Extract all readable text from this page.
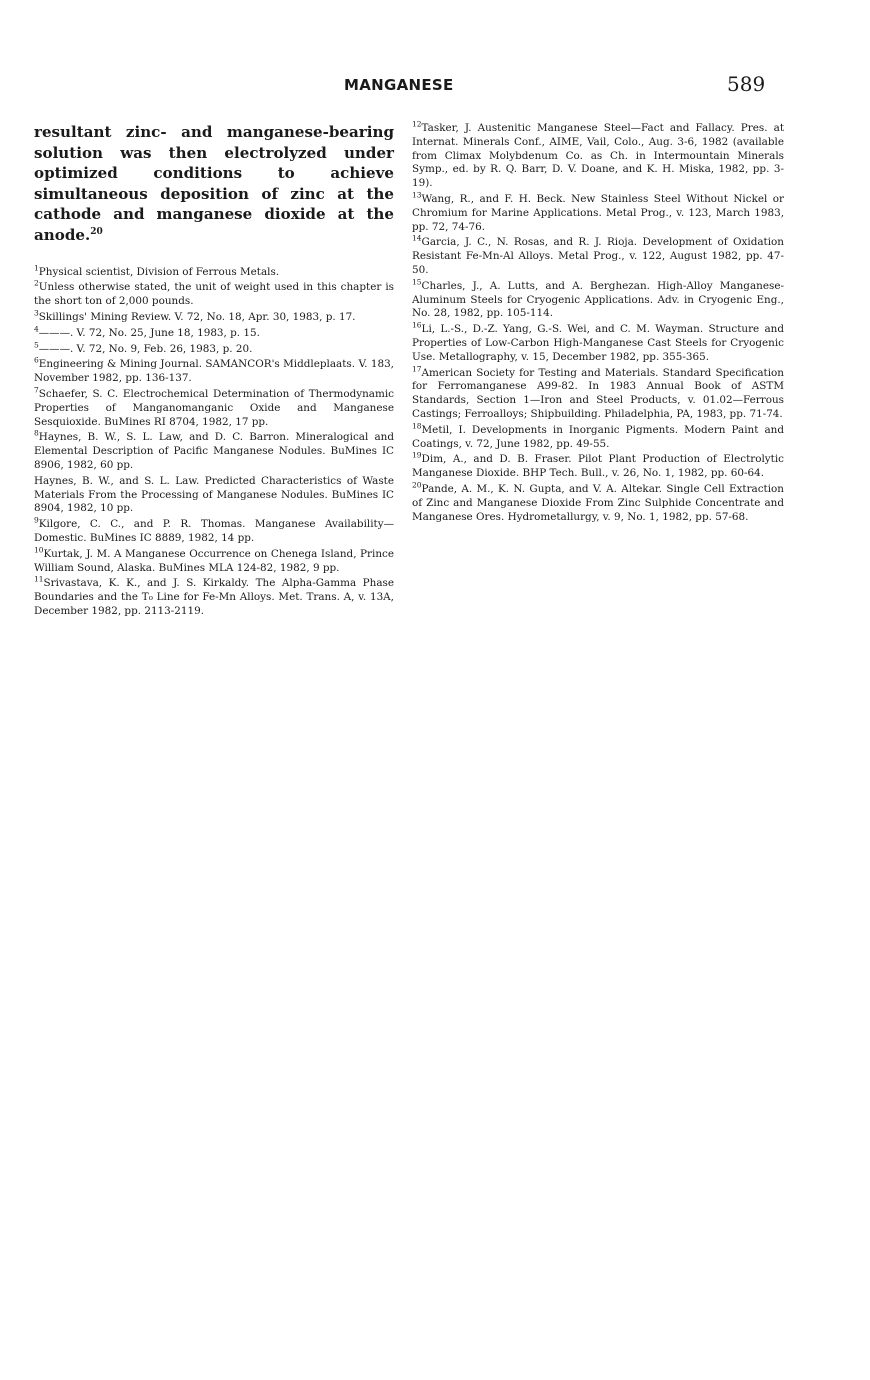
MANGANESE	589

resultant zinc- and manganese-bearing solution was then electrolyzed under optimized conditions to achieve simultaneous deposition of zinc at the cathode and manganese dioxide at the anode.$^{20}$

$^1$Physical scientist, Division of Ferrous Metals.
$^2$Unless otherwise stated, the unit of weight used in this chapter is the short ton of 2,000 pounds.
$^3$Skillings' Mining Review. V. 72, No. 18, Apr. 30, 1983, p. 17.
$^4$———. V. 72, No. 25, June 18, 1983, p. 15.
$^5$———. V. 72, No. 9, Feb. 26, 1983, p. 20.
$^6$Engineering & Mining Journal. SAMANCOR's Middleplaats. V. 183, November 1982, pp. 136-137.
$^7$Schaefer, S. C. Electrochemical Determination of Thermodynamic Properties of Manganomanganic Oxide and Manganese Sesquioxide. BuMines RI 8704, 1982, 17 pp.
$^8$Haynes, B. W., S. L. Law, and D. C. Barron. Mineralogical and Elemental Description of Pacific Manganese Nodules. BuMines IC 8906, 1982, 60 pp.
Haynes, B. W., and S. L. Law. Predicted Characteristics of Waste Materials From the Processing of Manganese Nodules. BuMines IC 8904, 1982, 10 pp.
$^9$Kilgore, C. C., and P. R. Thomas. Manganese Availability—Domestic. BuMines IC 8889, 1982, 14 pp.
$^{10}$Kurtak, J. M. A Manganese Occurrence on Chenega Island, Prince William Sound, Alaska. BuMines MLA 124-82, 1982, 9 pp.
$^{11}$Srivastava, K. K., and J. S. Kirkaldy. The Alpha-Gamma Phase Boundaries and the T₀ Line for Fe-Mn Alloys. Met. Trans. A, v. 13A, December 1982, pp. 2113-2119.
$^{12}$Tasker, J. Austenitic Manganese Steel—Fact and Fallacy. Pres. at Internat. Minerals Conf., AIME, Vail, Colo., Aug. 3-6, 1982 (available from Climax Molybdenum Co. as Ch. in Intermountain Minerals Symp., ed. by R. Q. Barr, D. V. Doane, and K. H. Miska, 1982, pp. 3-19).
$^{13}$Wang, R., and F. H. Beck. New Stainless Steel Without Nickel or Chromium for Marine Applications. Metal Prog., v. 123, March 1983, pp. 72, 74-76.
$^{14}$Garcia, J. C., N. Rosas, and R. J. Rioja. Development of Oxidation Resistant Fe-Mn-Al Alloys. Metal Prog., v. 122, August 1982, pp. 47-50.
$^{15}$Charles, J., A. Lutts, and A. Berghezan. High-Alloy Manganese-Aluminum Steels for Cryogenic Applications. Adv. in Cryogenic Eng., No. 28, 1982, pp. 105-114.
$^{16}$Li, L.-S., D.-Z. Yang, G.-S. Wei, and C. M. Wayman. Structure and Properties of Low-Carbon High-Manganese Cast Steels for Cryogenic Use. Metallography, v. 15, December 1982, pp. 355-365.
$^{17}$American Society for Testing and Materials. Standard Specification for Ferromanganese A99-82. In 1983 Annual Book of ASTM Standards, Section 1—Iron and Steel Products, v. 01.02—Ferrous Castings; Ferroalloys; Shipbuilding. Philadelphia, PA, 1983, pp. 71-74.
$^{18}$Metil, I. Developments in Inorganic Pigments. Modern Paint and Coatings, v. 72, June 1982, pp. 49-55.
$^{19}$Dim, A., and D. B. Fraser. Pilot Plant Production of Electrolytic Manganese Dioxide. BHP Tech. Bull., v. 26, No. 1, 1982, pp. 60-64.
$^{20}$Pande, A. M., K. N. Gupta, and V. A. Altekar. Single Cell Extraction of Zinc and Manganese Dioxide From Zinc Sulphide Concentrate and Manganese Ores. Hydrometallurgy, v. 9, No. 1, 1982, pp. 57-68.
